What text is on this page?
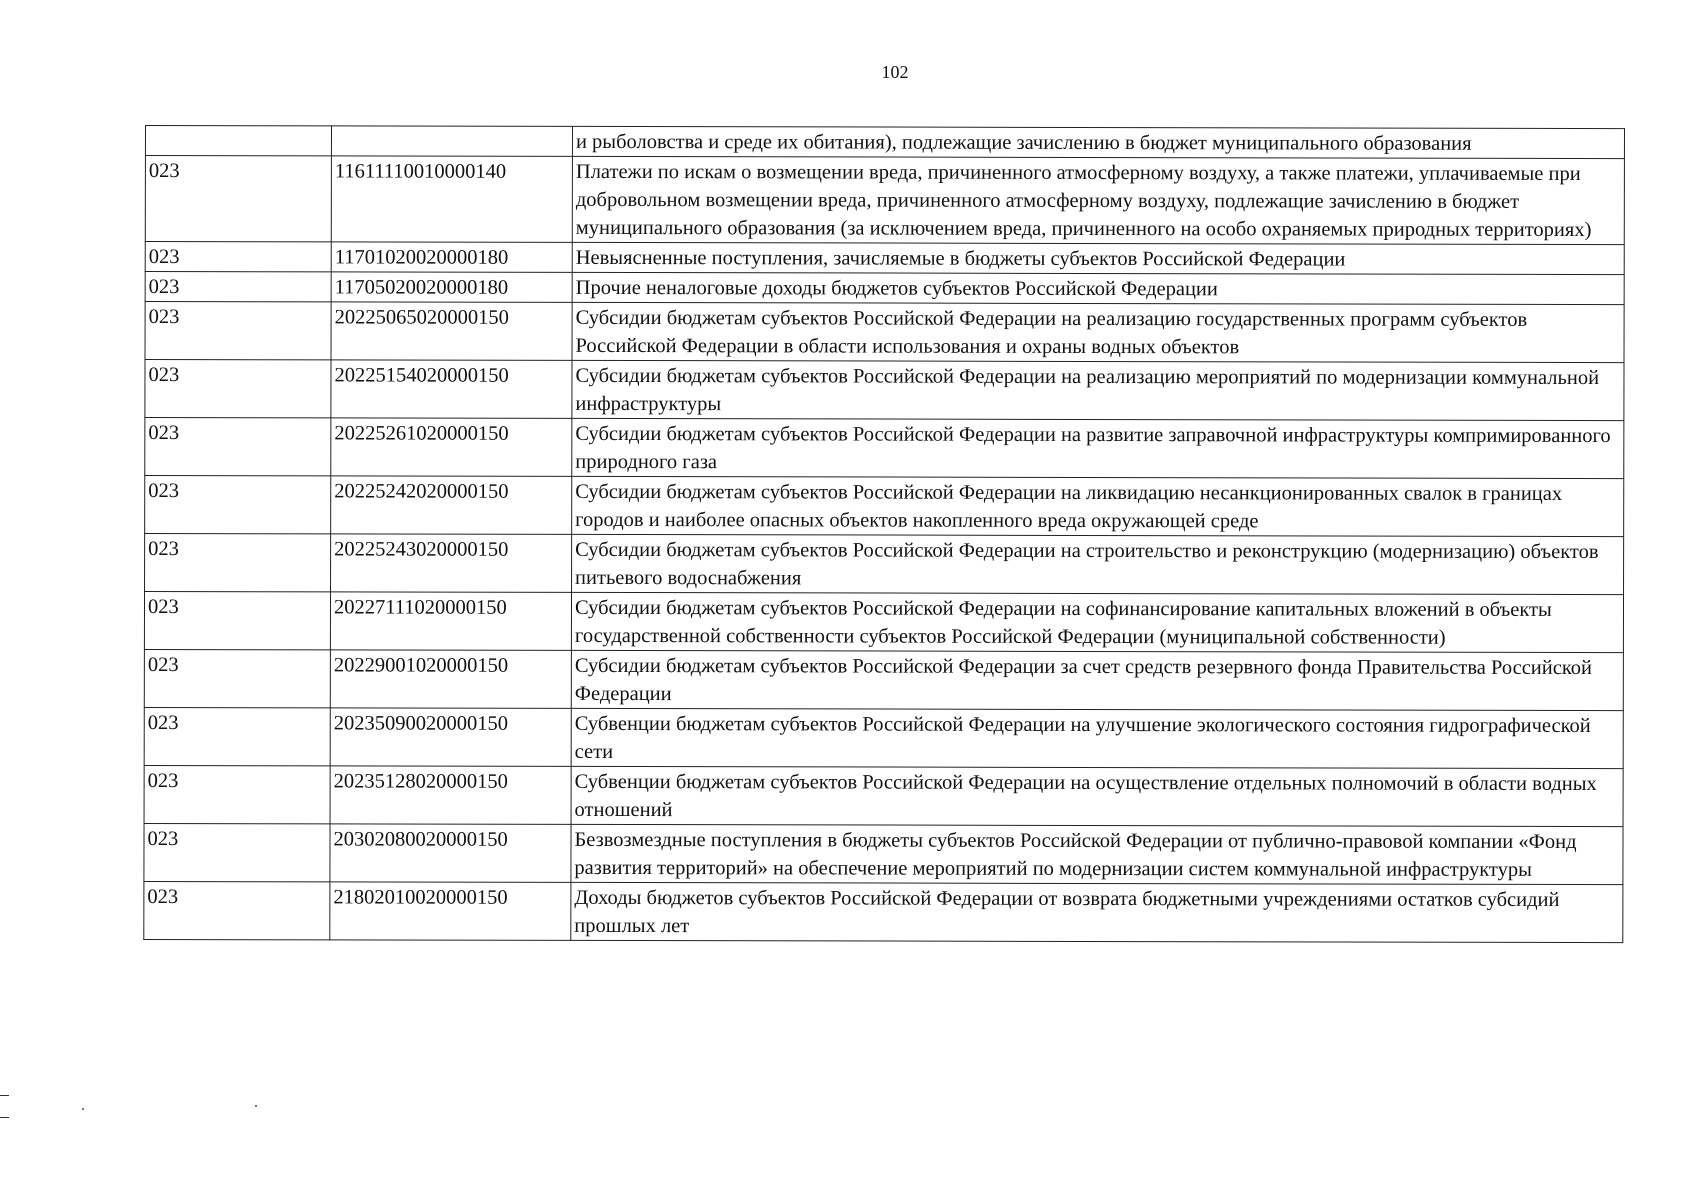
102
		и рыболовства и среде их обитания), подлежащие зачислению в бюджет муниципального образования
023	11611110010000140	Платежи по искам о возмещении вреда, причиненного атмосферному воздуху, а также платежи, уплачиваемые при добровольном возмещении вреда, причиненного атмосферному воздуху, подлежащие зачислению в бюджет муниципального образования (за исключением вреда, причиненного на особо охраняемых природных территориях)
023	11701020020000180	Невыясненные поступления, зачисляемые в бюджеты субъектов Российской Федерации
023	11705020020000180	Прочие неналоговые доходы бюджетов субъектов Российской Федерации
023	20225065020000150	Субсидии бюджетам субъектов Российской Федерации на реализацию государственных программ субъектов Российской Федерации в области использования и охраны водных объектов
023	20225154020000150	Субсидии бюджетам субъектов Российской Федерации на реализацию мероприятий по модернизации коммунальной инфраструктуры
023	20225261020000150	Субсидии бюджетам субъектов Российской Федерации на развитие заправочной инфраструктуры компримированного природного газа
023	20225242020000150	Субсидии бюджетам субъектов Российской Федерации на ликвидацию несанкционированных свалок в границах городов и наиболее опасных объектов накопленного вреда окружающей среде
023	20225243020000150	Субсидии бюджетам субъектов Российской Федерации на строительство и реконструкцию (модернизацию) объектов питьевого водоснабжения
023	20227111020000150	Субсидии бюджетам субъектов Российской Федерации на софинансирование капитальных вложений в объекты государственной собственности субъектов Российской Федерации (муниципальной собственности)
023	20229001020000150	Субсидии бюджетам субъектов Российской Федерации за счет средств резервного фонда Правительства Российской Федерации
023	20235090020000150	Субвенции бюджетам субъектов Российской Федерации на улучшение экологического состояния гидрографической сети
023	20235128020000150	Субвенции бюджетам субъектов Российской Федерации на осуществление отдельных полномочий в области водных отношений
023	20302080020000150	Безвозмездные поступления в бюджеты субъектов Российской Федерации от публично-правовой компании «Фонд развития территорий» на обеспечение мероприятий по модернизации систем коммунальной инфраструктуры
023	21802010020000150	Доходы бюджетов субъектов Российской Федерации от возврата бюджетными учреждениями остатков субсидий прошлых лет
